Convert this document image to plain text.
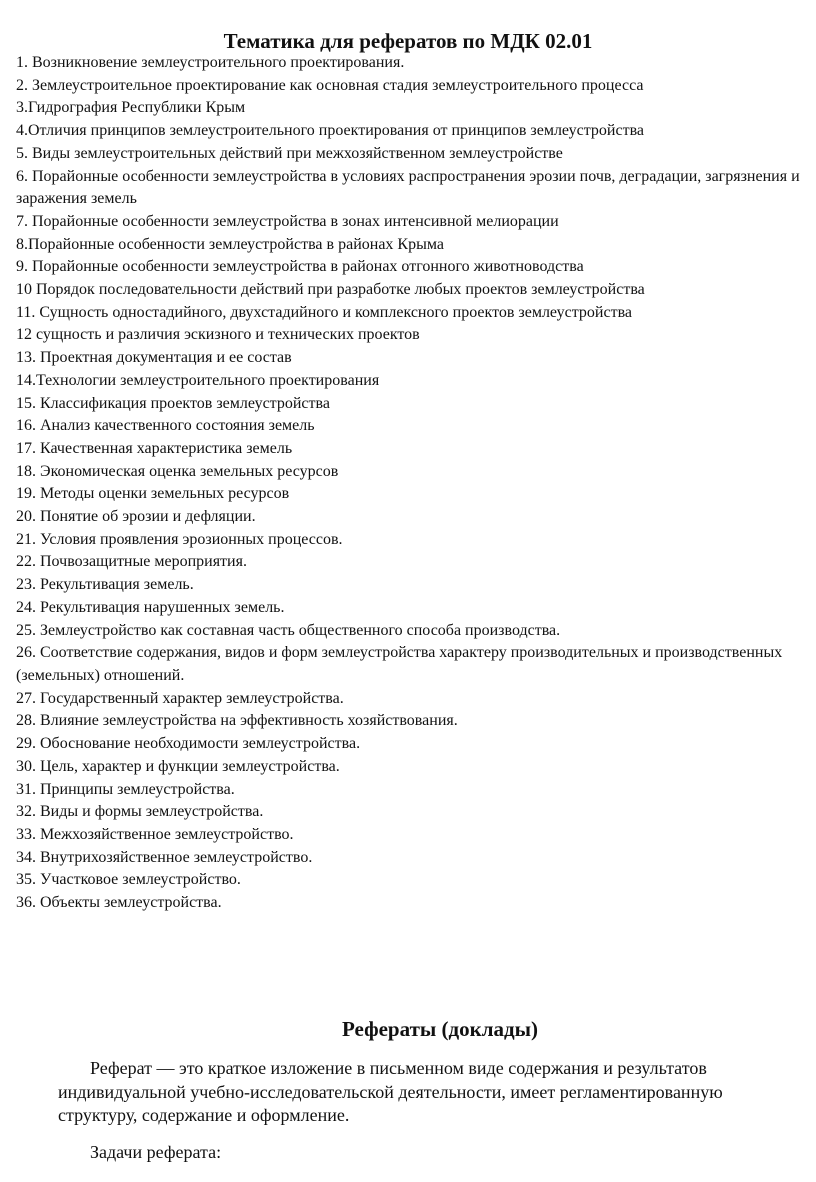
Тематика для рефератов по МДК 02.01
1. Возникновение землеустроительного проектирования.
2. Землеустроительное проектирование как основная стадия землеустроительного процесса
3.Гидрография Республики Крым
4.Отличия принципов землеустроительного проектирования от принципов землеустройства
5. Виды землеустроительных действий при межхозяйственном землеустройстве
6. Порайонные особенности землеустройства в условиях распространения эрозии почв, деградации, загрязнения и заражения земель
7. Порайонные особенности землеустройства в зонах интенсивной мелиорации
8.Порайонные особенности землеустройства в районах Крыма
9. Порайонные особенности землеустройства в районах отгонного животноводства
10 Порядок последовательности действий при разработке любых проектов землеустройства
11. Сущность одностадийного, двухстадийного и комплексного проектов землеустройства
12 сущность и различия эскизного и технических проектов
13. Проектная документация и ее состав
14.Технологии землеустроительного проектирования
15. Классификация проектов землеустройства
16. Анализ качественного состояния земель
17. Качественная характеристика земель
18. Экономическая оценка земельных ресурсов
19. Методы оценки земельных ресурсов
20. Понятие об эрозии и дефляции.
21. Условия проявления эрозионных процессов.
22. Почвозащитные мероприятия.
23. Рекультивация земель.
24. Рекультивация нарушенных земель.
25. Землеустройство как составная часть общественного способа производства.
26. Соответствие содержания, видов и форм землеустройства характеру производительных и производственных (земельных) отношений.
27. Государственный характер землеустройства.
28. Влияние землеустройства на эффективность хозяйствования.
29. Обоснование необходимости землеустройства.
30. Цель, характер и функции землеустройства.
31. Принципы землеустройства.
32. Виды и формы землеустройства.
33. Межхозяйственное землеустройство.
34. Внутрихозяйственное землеустройство.
35. Участковое землеустройство.
36. Объекты землеустройства.
Рефераты (доклады)

Реферат — это краткое изложение в письменном виде содержания и результатов индивидуальной учебно-исследовательской деятельности, имеет регламентированную структуру, содержание и оформление.

Задачи реферата:
